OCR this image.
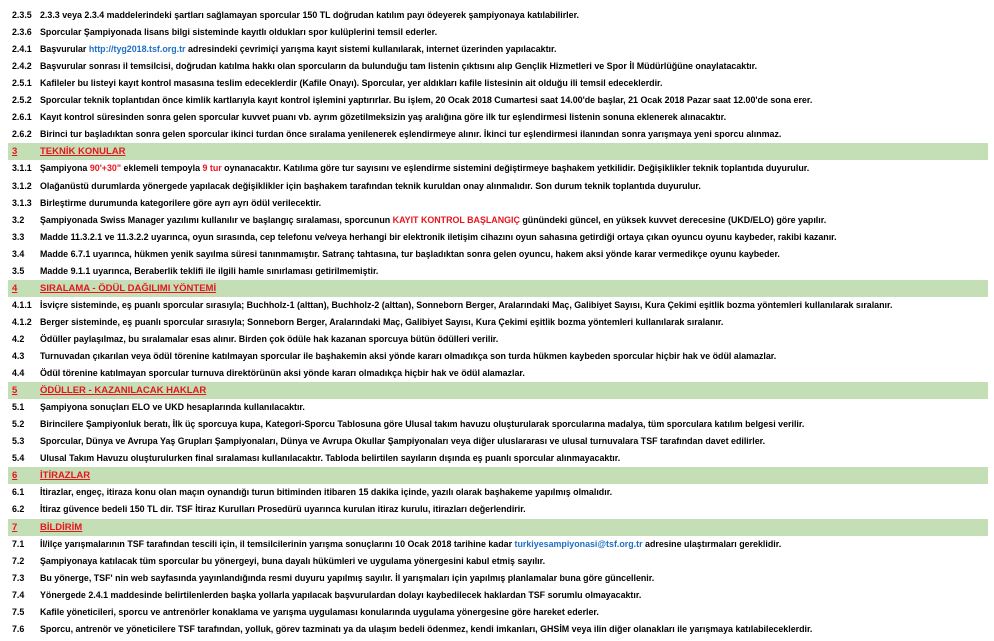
2.3.5 2.3.3 veya 2.3.4 maddelerindeki şartları sağlamayan sporcular 150 TL doğrudan katılım payı ödeyerek şampiyonaya katılabilirler.
2.3.6 Sporcular Şampiyonada lisans bilgi sisteminde kayıtlı oldukları spor kulüplerini temsil ederler.
2.4.1 Başvurular http://tyg2018.tsf.org.tr adresindeki çevrimiçi yarışma kayıt sistemi kullanılarak, internet üzerinden yapılacaktır.
2.4.2 Başvurular sonrası il temsilcisi, doğrudan katılma hakkı olan sporcuların da bulunduğu tam listenin çıktısını alıp Gençlik Hizmetleri ve Spor İl Müdürlüğüne onaylatacaktır.
2.5.1 Kafileler bu listeyi kayıt kontrol masasına teslim edeceklerdir (Kafile Onayı). Sporcular, yer aldıkları kafile listesinin ait olduğu ili temsil edeceklerdir.
2.5.2 Sporcular teknik toplantıdan önce kimlik kartlarıyla kayıt kontrol işlemini yaptırırlar. Bu işlem, 20 Ocak 2018 Cumartesi saat 14.00'de başlar, 21 Ocak 2018 Pazar saat 12.00'de sona erer.
2.6.1 Kayıt kontrol süresinden sonra gelen sporcular kuvvet puanı vb. ayrım gözetilmeksizin yaş aralığına göre ilk tur eşlendirmesi listenin sonuna eklenerek alınacaktır.
2.6.2 Birinci tur başladıktan sonra gelen sporcular ikinci turdan önce sıralama yenilenerek eşlendirmeye alınır. İkinci tur eşlendirmesi ilanından sonra yarışmaya yeni sporcu alınmaz.
3	TEKNİK KONULAR
3.1.1 Şampiyona 90'+30" eklemeli tempoyla 9 tur oynanacaktır. Katılıma göre tur sayısını ve eşlendirme sistemini değiştirmeye başhakem yetkilidir. Değişiklikler teknik toplantıda duyurulur.
3.1.2 Olağanüstü durumlarda yönergede yapılacak değişiklikler için başhakem tarafından teknik kuruldan onay alınmalıdır. Son durum teknik toplantıda duyurulur.
3.1.3 Birleştirme durumunda kategorilere göre ayrı ayrı ödül verilecektir.
3.2	Şampiyonada Swiss Manager yazılımı kullanılır ve başlangıç sıralaması, sporcunun KAYIT KONTROL BAŞLANGIÇ günündeki güncel, en yüksek kuvvet derecesine (UKD/ELO) göre yapılır.
3.3	Madde 11.3.2.1 ve 11.3.2.2 uyarınca, oyun sırasında, cep telefonu ve/veya herhangi bir elektronik iletişim cihazını oyun sahasına getirdiği ortaya çıkan oyuncu oyunu kaybeder, rakibi kazanır.
3.4	Madde 6.7.1 uyarınca, hükmen yenik sayılma süresi tanınmamıştır. Satranç tahtasına, tur başladıktan sonra gelen oyuncu, hakem aksi yönde karar vermedikçe oyunu kaybeder.
3.5	Madde 9.1.1 uyarınca, Beraberlik teklifi ile ilgili hamle sınırlaması getirilmemiştir.
4	SIRALAMA - ÖDÜL DAĞILIMI YÖNTEMİ
4.1.1 İsviçre sisteminde, eş puanlı sporcular sırasıyla; Buchholz-1 (alttan), Buchholz-2 (alttan), Sonneborn Berger, Aralarındaki Maç, Galibiyet Sayısı, Kura Çekimi eşitlik bozma yöntemleri kullanılarak sıralanır.
4.1.2 Berger sisteminde, eş puanlı sporcular sırasıyla; Sonneborn Berger, Aralarındaki Maç, Galibiyet Sayısı, Kura Çekimi eşitlik bozma yöntemleri kullanılarak sıralanır.
4.2	Ödüller paylaşılmaz, bu sıralamalar esas alınır. Birden çok ödüle hak kazanan sporcuya bütün ödülleri verilir.
4.3	Turnuvadan çıkarılan veya ödül törenine katılmayan sporcular ile başhakemin aksi yönde kararı olmadıkça son turda hükmen kaybeden sporcular hiçbir hak ve ödül alamazlar.
4.4	Ödül törenine katılmayan sporcular turnuva direktörünün aksi yönde kararı olmadıkça hiçbir hak ve ödül alamazlar.
5	ÖDÜLLER - KAZANILACAK HAKLAR
5.1	Şampiyona sonuçları ELO ve UKD hesaplarında kullanılacaktır.
5.2	Birincilere Şampiyonluk beratı, İlk üç sporcuya kupa, Kategori-Sporcu Tablosuna göre Ulusal takım havuzu oluşturularak sporcularına madalya, tüm sporculara katılım belgesi verilir.
5.3	Sporcular, Dünya ve Avrupa Yaş Grupları Şampiyonaları, Dünya ve Avrupa Okullar Şampiyonaları veya diğer uluslararası ve ulusal turnuvalara TSF tarafından davet edilirler.
5.4	Ulusal Takım Havuzu oluşturulurken final sıralaması kullanılacaktır. Tabloda belirtilen sayıların dışında eş puanlı sporcular alınmayacaktır.
6	İTİRAZLAR
6.1	İtirazlar, engeç, itiraza konu olan maçın oynandığı turun bitiminden itibaren 15 dakika içinde, yazılı olarak başhakeme yapılmış olmalıdır.
6.2	İtiraz güvence bedeli 150 TL dir. TSF İtiraz Kurulları Prosedürü uyarınca kurulan itiraz kurulu, itirazları değerlendirir.
7	BİLDİRİM
7.1	İl/ilçe yarışmalarının TSF tarafından tescili için, il temsilcilerinin yarışma sonuçlarını 10 Ocak 2018 tarihine kadar turkiyesampiyonasi@tsf.org.tr adresine ulaştırmaları gereklidir.
7.2	Şampiyonaya katılacak tüm sporcular bu yönergeyi, buna dayalı hükümleri ve uygulama yönergesini kabul etmiş sayılır.
7.3	Bu yönerge, TSF' nin web sayfasında yayınlandığında resmi duyuru yapılmış sayılır. İl yarışmaları için yapılmış planlamalar buna göre güncellenir.
7.4	Yönergede 2.4.1 maddesinde belirtilenlerden başka yollarla yapılacak başvurulardan dolayı kaybedilecek haklardan TSF sorumlu olmayacaktır.
7.5	Kafile yöneticileri, sporcu ve antrenörler konaklama ve yarışma uygulaması konularında uygulama yönergesine göre hareket ederler.
7.6	Sporcu, antrenör ve yöneticilere TSF tarafından, yolluk, görev tazminatı ya da ulaşım bedeli ödenmez, kendi imkanları, GHSİM veya ilin diğer olanakları ile yarışmaya katılabileceklerdir.
